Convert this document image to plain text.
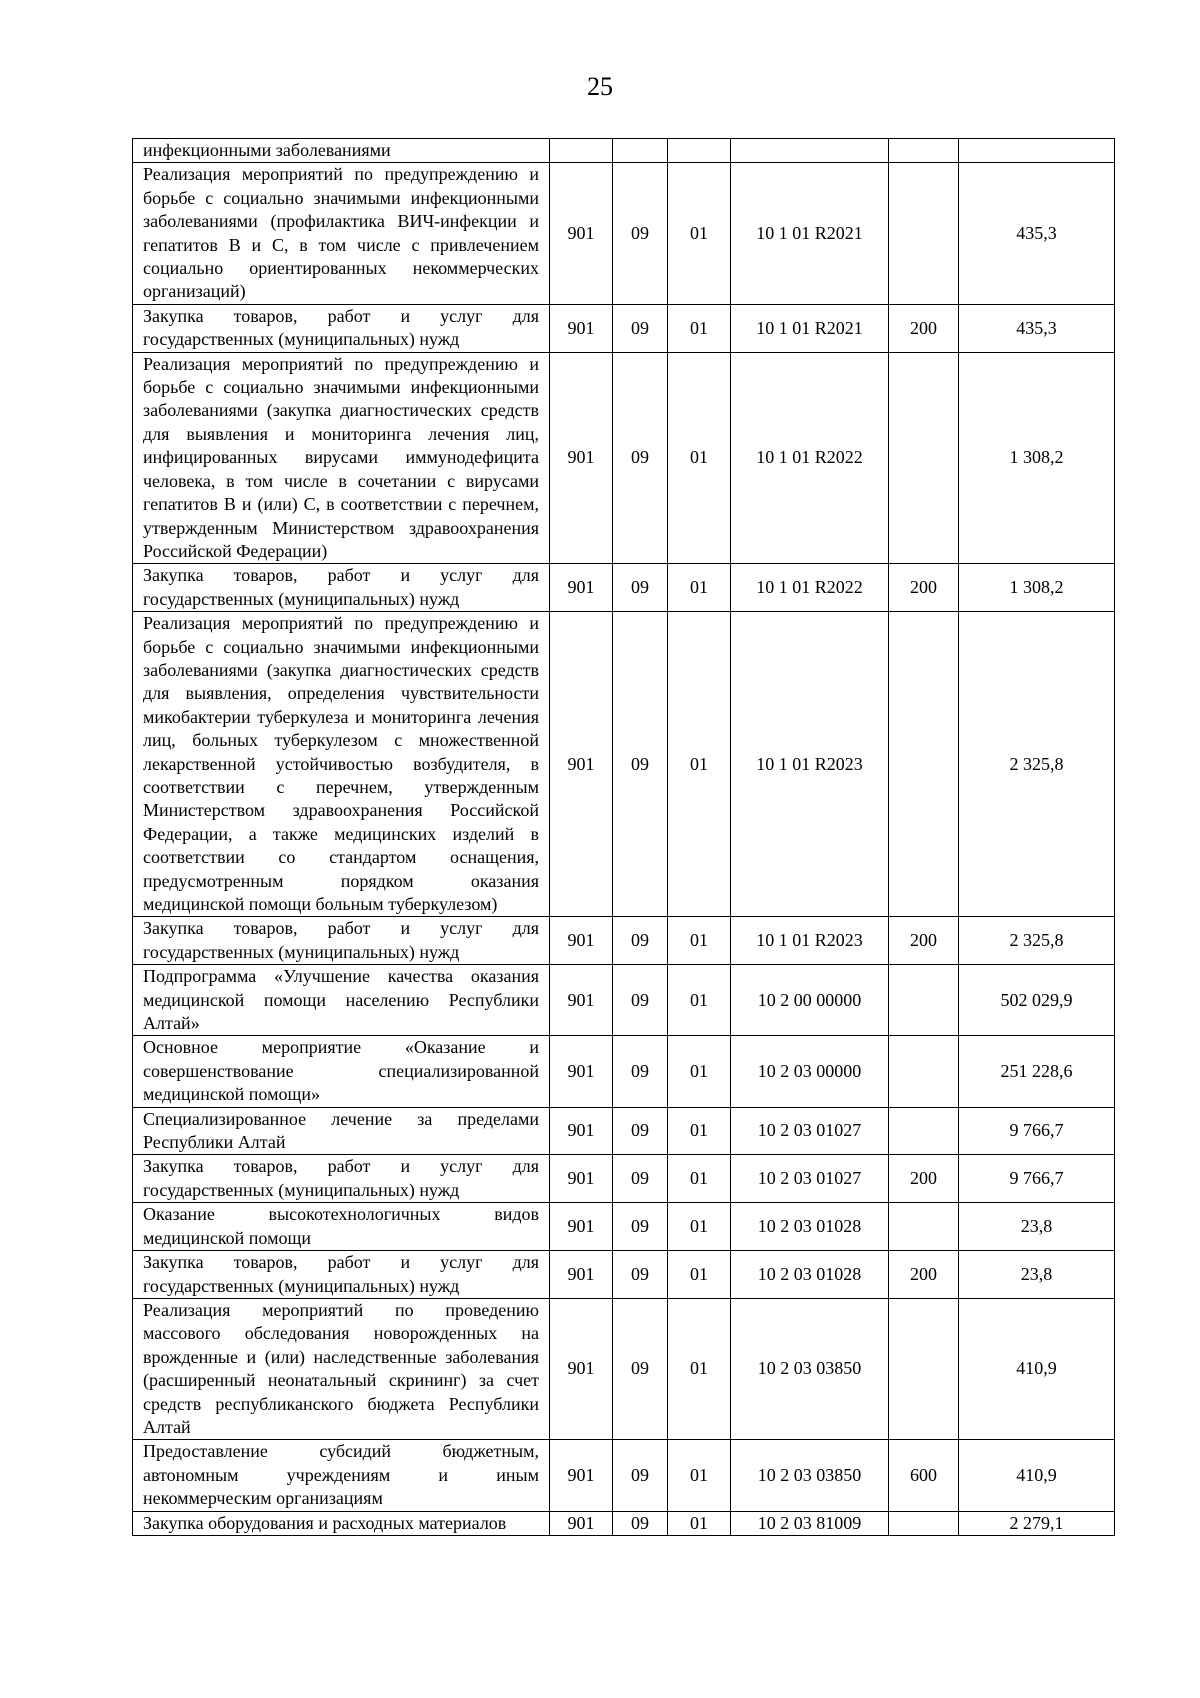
25
инфекционными заболеваниями						
Реализация мероприятий по предупреждению и борьбе с социально значимыми инфекционными заболеваниями (профилактика ВИЧ-инфекции и гепатитов В и С, в том числе с привлечением социально ориентированных некоммерческих организаций)	901	09	01	10 1 01 R2021		435,3
Закупка товаров, работ и услуг для государственных (муниципальных) нужд	901	09	01	10 1 01 R2021	200	435,3
Реализация мероприятий по предупреждению и борьбе с социально значимыми инфекционными заболеваниями (закупка диагностических средств для выявления и мониторинга лечения лиц, инфицированных вирусами иммунодефицита человека, в том числе в сочетании с вирусами гепатитов В и (или) С, в соответствии с перечнем, утвержденным Министерством здравоохранения Российской Федерации)	901	09	01	10 1 01 R2022		1 308,2
Закупка товаров, работ и услуг для государственных (муниципальных) нужд	901	09	01	10 1 01 R2022	200	1 308,2
Реализация мероприятий по предупреждению и борьбе с социально значимыми инфекционными заболеваниями (закупка диагностических средств для выявления, определения чувствительности микобактерии туберкулеза и мониторинга лечения лиц, больных туберкулезом с множественной лекарственной устойчивостью возбудителя, в соответствии с перечнем, утвержденным Министерством здравоохранения Российской Федерации, а также медицинских изделий в соответствии со стандартом оснащения, предусмотренным порядком оказания медицинской помощи больным туберкулезом)	901	09	01	10 1 01 R2023		2 325,8
Закупка товаров, работ и услуг для государственных (муниципальных) нужд	901	09	01	10 1 01 R2023	200	2 325,8
Подпрограмма «Улучшение качества оказания медицинской помощи населению Республики Алтай»	901	09	01	10 2 00 00000		502 029,9
Основное мероприятие «Оказание и совершенствование специализированной медицинской помощи»	901	09	01	10 2 03 00000		251 228,6
Специализированное лечение за пределами Республики Алтай	901	09	01	10 2 03 01027		9 766,7
Закупка товаров, работ и услуг для государственных (муниципальных) нужд	901	09	01	10 2 03 01027	200	9 766,7
Оказание высокотехнологичных видов медицинской помощи	901	09	01	10 2 03 01028		23,8
Закупка товаров, работ и услуг для государственных (муниципальных) нужд	901	09	01	10 2 03 01028	200	23,8
Реализация мероприятий по проведению массового обследования новорожденных на врожденные и (или) наследственные заболевания (расширенный неонатальный скрининг) за счет средств республиканского бюджета Республики Алтай	901	09	01	10 2 03 03850		410,9
Предоставление субсидий бюджетным, автономным учреждениям и иным некоммерческим организациям	901	09	01	10 2 03 03850	600	410,9
Закупка оборудования и расходных материалов	901	09	01	10 2 03 81009		2 279,1
